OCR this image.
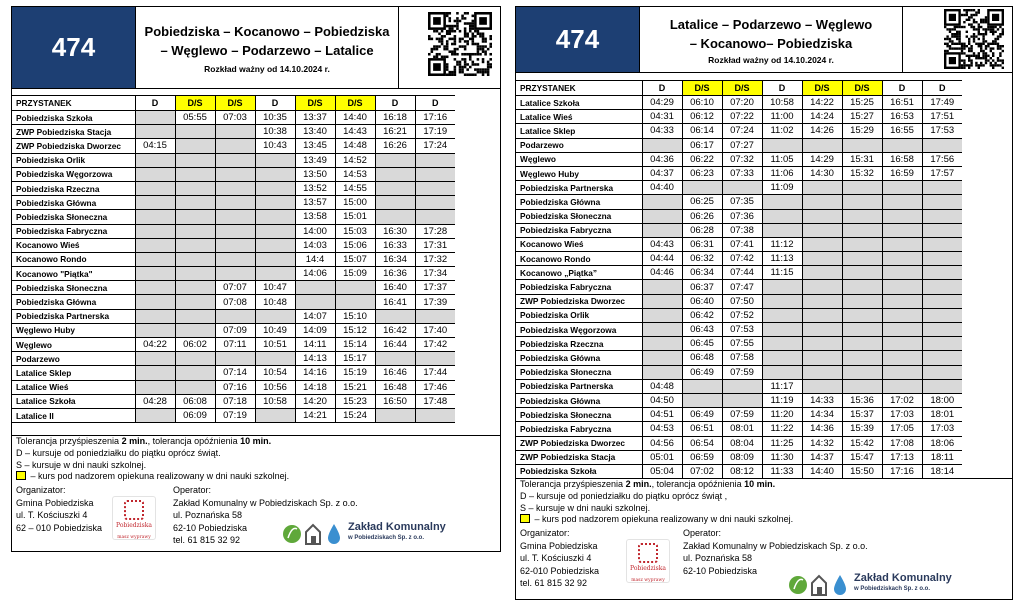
474
Pobiedziska – Kocanowo – Pobiedziska
– Węglewo – Podarzewo – Latalice
Rozkład ważny od 14.10.2024 r.
PRZYSTANEK	D	D/S	D/S	D	D/S	D/S	D	D
Pobiedziska Szkoła		05:55	07:03	10:35	13:37	14:40	16:18	17:16
ZWP Pobiedziska Stacja				10:38	13:40	14:43	16:21	17:19
ZWP Pobiedziska Dworzec	04:15			10:43	13:45	14:48	16:26	17:24
Pobiedziska Orlik					13:49	14:52		
Pobiedziska Węgorzowa					13:50	14:53		
Pobiedziska Rzeczna					13:52	14:55		
Pobiedziska Główna					13:57	15:00		
Pobiedziska Słoneczna					13:58	15:01		
Pobiedziska Fabryczna					14:00	15:03	16:30	17:28
Kocanowo Wieś					14:03	15:06	16:33	17:31
Kocanowo Rondo					14:4	15:07	16:34	17:32
Kocanowo "Piątka"					14:06	15:09	16:36	17:34
Pobiedziska Słoneczna			07:07	10:47			16:40	17:37
Pobiedziska Główna			07:08	10:48			16:41	17:39
Pobiedziska Partnerska					14:07	15:10		
Węglewo Huby			07:09	10:49	14:09	15:12	16:42	17:40
Węglewo	04:22	06:02	07:11	10:51	14:11	15:14	16:44	17:42
Podarzewo					14:13	15:17		
Latalice Sklep			07:14	10:54	14:16	15:19	16:46	17:44
Latalice Wieś			07:16	10:56	14:18	15:21	16:48	17:46
Latalice Szkoła	04:28	06:08	07:18	10:58	14:20	15:23	16:50	17:48
Latalice II		06:09	07:19		14:21	15:24		
Tolerancja przyśpieszenia 2 min., tolerancja opóźnienia 10 min.
D – kursuje od poniedziałku do piątku oprócz świąt.
S – kursuje w dni nauki szkolnej.
– kurs pod nadzorem opiekuna realizowany w dni nauki szkolnej.
Organizator:
Gmina Pobiedziska
ul. T. Kościuszki 4
62 – 010 Pobiedziska
Operator:
Zakład Komunalny w Pobiedziskach Sp. z o.o.
ul. Poznańska 58
62-10 Pobiedziska
tel. 61 815 32 92
Pobiedziska
masz wyprawy
Zakład Komunalny
w Pobiedziskach Sp. z o.o.
474	Latalice – Podarzewo – Węglewo
– Kocanowo– Pobiedziska
Rozkład ważny od 14.10.2024 r.
PRZYSTANEK	D	D/S	D/S	D	D/S	D/S	D	D
Latalice Szkoła	04:29	06:10	07:20	10:58	14:22	15:25	16:51	17:49
Latalice Wieś	04:31	06:12	07:22	11:00	14:24	15:27	16:53	17:51
Latalice Sklep	04:33	06:14	07:24	11:02	14:26	15:29	16:55	17:53
Podarzewo		06:17	07:27					
Węglewo	04:36	06:22	07:32	11:05	14:29	15:31	16:58	17:56
Węglewo Huby	04:37	06:23	07:33	11:06	14:30	15:32	16:59	17:57
Pobiedziska Partnerska	04:40			11:09				
Pobiedziska Główna		06:25	07:35					
Pobiedziska Słoneczna		06:26	07:36					
Pobiedziska Fabryczna		06:28	07:38					
Kocanowo Wieś	04:43	06:31	07:41	11:12				
Kocanowo Rondo	04:44	06:32	07:42	11:13				
Kocanowo „Piątka”	04:46	06:34	07:44	11:15				
Pobiedziska Fabryczna		06:37	07:47					
ZWP Pobiedziska Dworzec		06:40	07:50					
Pobiedziska Orlik		06:42	07:52					
Pobiedziska Węgorzowa		06:43	07:53					
Pobiedziska Rzeczna		06:45	07:55					
Pobiedziska Główna		06:48	07:58					
Pobiedziska Słoneczna		06:49	07:59					
Pobiedziska Partnerska	04:48			11:17				
Pobiedziska Główna	04:50			11:19	14:33	15:36	17:02	18:00
Pobiedziska Słoneczna	04:51	06:49	07:59	11:20	14:34	15:37	17:03	18:01
Pobiedziska Fabryczna	04:53	06:51	08:01	11:22	14:36	15:39	17:05	17:03
ZWP Pobiedziska Dworzec	04:56	06:54	08:04	11:25	14:32	15:42	17:08	18:06
ZWP Pobiedziska Stacja	05:01	06:59	08:09	11:30	14:37	15:47	17:13	18:11
Pobiedziska Szkoła	05:04	07:02	08:12	11:33	14:40	15:50	17:16	18:14
Tolerancja przyśpieszenia 2 min., tolerancja opóźnienia 10 min.
D – kursuje od poniedziałku do piątku oprócz świąt ,
S – kursuje w dni nauki szkolnej.
– kurs pod nadzorem opiekuna realizowany w dni nauki szkolnej.
Organizator:
Gmina Pobiedziska
ul. T. Kościuszki 4
62-010 Pobiedziska
tel. 61 815 32 92
Operator:
Zakład Komunalny w Pobiedziskach Sp. z o.o.
ul. Poznańska 58
62-10 Pobiedziska
Pobiedziska
masz wyprawy	Zakład Komunalny
w Pobiedziskach Sp. z o.o.
